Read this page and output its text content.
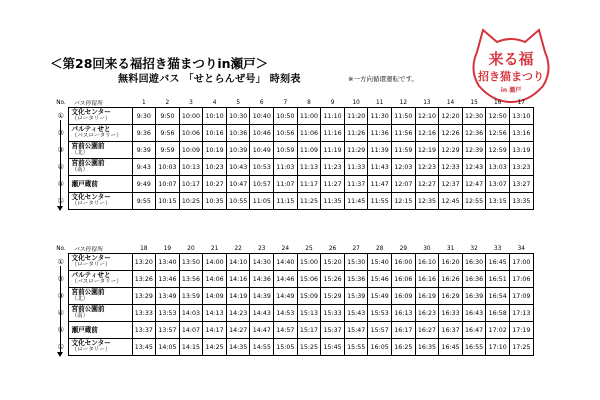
＜第28回来る福招き猫まつりin瀬戸＞
無料回遊バス 「せとらんぜ号」 時刻表	※一方向循環運転です。
来る福
招き猫まつり
in 瀬戸
No.	バス停留所	1	2	3	4	5	6	7	8	9	10	11	12	13	14	15	16	17
①	文化センター
（ロータリー）	9:30	9:50	10:00	10:10	10:30	10:40	10:50	11:00	11:10	11:20	11:30	11:50	12:10	12:20	12:30	12:50	13:10
②	パルティせと
（バスロータリー）	9:36	9:56	10:06	10:16	10:36	10:46	10:56	11:06	11:16	11:26	11:36	11:56	12:16	12:26	12:36	12:56	13:16
③	宮前公園前
（北）	9:39	9:59	10:09	10:19	10:39	10:49	10:59	11:09	11:19	11:29	11:39	11:59	12:19	12:29	12:39	12:59	13:19
④	宮前公園前
（南）	9:43	10:03	10:13	10:23	10:43	10:53	11:03	11:13	11:23	11:33	11:43	12:03	12:23	12:33	12:43	13:03	13:23
⑤	瀬戸蔵前	9:49	10:07	10:17	10:27	10:47	10:57	11:07	11:17	11:27	11:37	11:47	12:07	12:27	12:37	12:47	13:07	13:27
①	文化センター
（ロータリー）	9:55	10:15	10:25	10:35	10:55	11:05	11:15	11:25	11:35	11:45	11:55	12:15	12:35	12:45	12:55	13:15	13:35
No.	バス停留所	18	19	20	21	22	23	24	25	26	27	28	29	30	31	32	33	34
①	文化センター
（ロータリー）	13:20	13:40	13:50	14:00	14:10	14:30	14:40	15:00	15:20	15:30	15:40	16:00	16:10	16:20	16:30	16:45	17:00
②	パルティせと
（バスロータリー）	13:26	13:46	13:56	14:06	14:16	14:36	14:46	15:06	15:26	15:36	15:46	16:06	16:16	16:26	16:36	16:51	17:06
③	宮前公園前
（北）	13:29	13:49	13:59	14:09	14:19	14:39	14:49	15:09	15:29	15:39	15:49	16:09	16:19	16:29	16:39	16:54	17:09
④	宮前公園前
（南）	13:33	13:53	14:03	14:13	14:23	14:43	14:53	15:13	15:33	15:43	15:53	16:13	16:23	16:33	16:43	16:58	17:13
⑤	瀬戸蔵前	13:37	13:57	14:07	14:17	14:27	14:47	14:57	15:17	15:37	15:47	15:57	16:17	16:27	16:37	16:47	17:02	17:19
①	文化センター
（ロータリー）	13:45	14:05	14:15	14:25	14:35	14:55	15:05	15:25	15:45	15:55	16:05	16:25	16:35	16:45	16:55	17:10	17:25
